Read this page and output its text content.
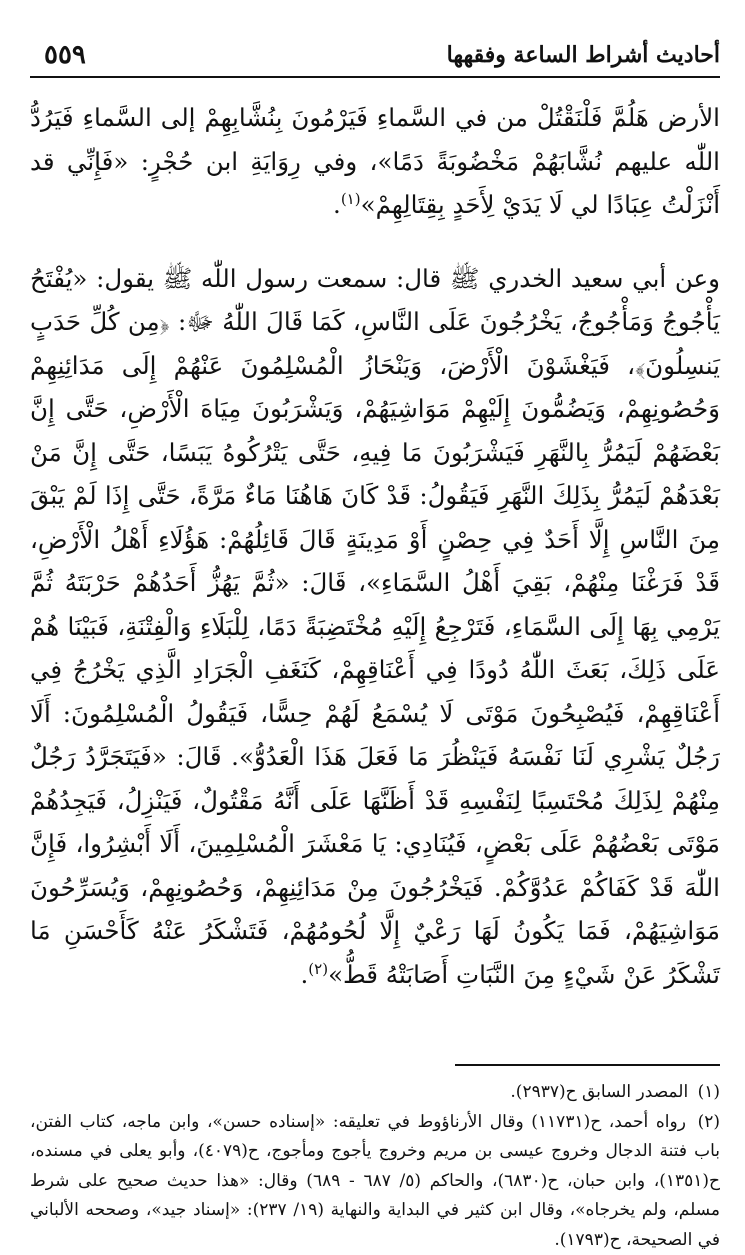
أحاديث أشراط الساعة وفقهها
٥٥٩

الأرض هَلُمَّ فَلْنَقْتُلْ من في السَّماءِ فَيَرْمُونَ بِنُشَّابِهِمْ إلى السَّماءِ فَيَرُدُّ اللّٰه عليهم نُشَّابَهُمْ مَخْضُوبَةً دَمًا»، وفي رِوَايَةِ ابن حُجْرٍ: «فَإِنِّي قد أَنْزَلْتُ عِبَادًا لي لَا يَدَيْ لِأَحَدٍ بِقِتَالِهِمْ»$^{(١)}$.

وعن أبي سعيد الخدري ﷺ قال: سمعت رسول اللّٰه ﷺ يقول: «يُفْتَحُ يَأْجُوجُ وَمَأْجُوجُ، يَخْرُجُونَ عَلَى النَّاسِ، كَمَا قَالَ اللّٰهُ ﷻ: ﴿مِن كُلِّ حَدَبٍ يَنسِلُونَ﴾، فَيَغْشَوْنَ الْأَرْضَ، وَيَنْحَازُ الْمُسْلِمُونَ عَنْهُمْ إِلَى مَدَائِنِهِمْ وَحُصُونِهِمْ، وَيَضُمُّونَ إِلَيْهِمْ مَوَاشِيَهُمْ، وَيَشْرَبُونَ مِيَاهَ الْأَرْضِ، حَتَّى إِنَّ بَعْضَهُمْ لَيَمُرُّ بِالنَّهَرِ فَيَشْرَبُونَ مَا فِيهِ، حَتَّى يَتْرُكُوهُ يَبَسًا، حَتَّى إِنَّ مَنْ بَعْدَهُمْ لَيَمُرُّ بِذَلِكَ النَّهَرِ فَيَقُولُ: قَدْ كَانَ هَاهُنَا مَاءٌ مَرَّةً، حَتَّى إِذَا لَمْ يَبْقَ مِنَ النَّاسِ إِلَّا أَحَدٌ فِي حِصْنٍ أَوْ مَدِينَةٍ قَالَ قَائِلُهُمْ: هَؤُلَاءِ أَهْلُ الْأَرْضِ، قَدْ فَرَغْنَا مِنْهُمْ، بَقِيَ أَهْلُ السَّمَاءِ»، قَالَ: «ثُمَّ يَهُزُّ أَحَدُهُمْ حَرْبَتَهُ ثُمَّ يَرْمِي بِهَا إِلَى السَّمَاءِ، فَتَرْجِعُ إِلَيْهِ مُخْتَضِبَةً دَمًا، لِلْبَلَاءِ وَالْفِتْنَةِ، فَبَيْنَا هُمْ عَلَى ذَلِكَ، بَعَثَ اللّٰهُ دُودًا فِي أَعْنَاقِهِمْ، كَنَغَفِ الْجَرَادِ الَّذِي يَخْرُجُ فِي أَعْنَاقِهِمْ، فَيُصْبِحُونَ مَوْتَى لَا يُسْمَعُ لَهُمْ حِسًّا، فَيَقُولُ الْمُسْلِمُونَ: أَلَا رَجُلٌ يَشْرِي لَنَا نَفْسَهُ فَيَنْظُرَ مَا فَعَلَ هَذَا الْعَدُوُّ». قَالَ: «فَيَتَجَرَّدُ رَجُلٌ مِنْهُمْ لِذَلِكَ مُحْتَسِبًا لِنَفْسِهِ قَدْ أَظَنَّهَا عَلَى أَنَّهُ مَقْتُولٌ، فَيَنْزِلُ، فَيَجِدُهُمْ مَوْتَى بَعْضُهُمْ عَلَى بَعْضٍ، فَيُنَادِي: يَا مَعْشَرَ الْمُسْلِمِينَ، أَلَا أَبْشِرُوا، فَإِنَّ اللّٰهَ قَدْ كَفَاكُمْ عَدُوَّكُمْ. فَيَخْرُجُونَ مِنْ مَدَائِنِهِمْ، وَحُصُونِهِمْ، وَيُسَرِّحُونَ مَوَاشِيَهُمْ، فَمَا يَكُونُ لَهَا رَعْيٌ إِلَّا لُحُومُهُمْ، فَتَشْكَرُ عَنْهُ كَأَحْسَنِ مَا تَشْكَرُ عَنْ شَيْءٍ مِنَ النَّبَاتِ أَصَابَتْهُ قَطُّ»$^{(٢)}$.

(١) المصدر السابق ح(٢٩٣٧).

(٢) رواه أحمد، ح(١١٧٣١) وقال الأرناؤوط في تعليقه: «إسناده حسن»، وابن ماجه، كتاب الفتن، باب فتنة الدجال وخروج عيسى بن مريم وخروج يأجوج ومأجوج، ح(٤٠٧٩)، وأبو يعلى في مسنده، ح(١٣٥١)، وابن حبان، ح(٦٨٣٠)، والحاكم (٥/ ٦٨٧ - ٦٨٩) وقال: «هذا حديث صحيح على شرط مسلم، ولم يخرجاه»، وقال ابن كثير في البداية والنهاية (١٩/ ٢٣٧): «إسناد جيد»، وصححه الألباني في الصحيحة، ح(١٧٩٣).
